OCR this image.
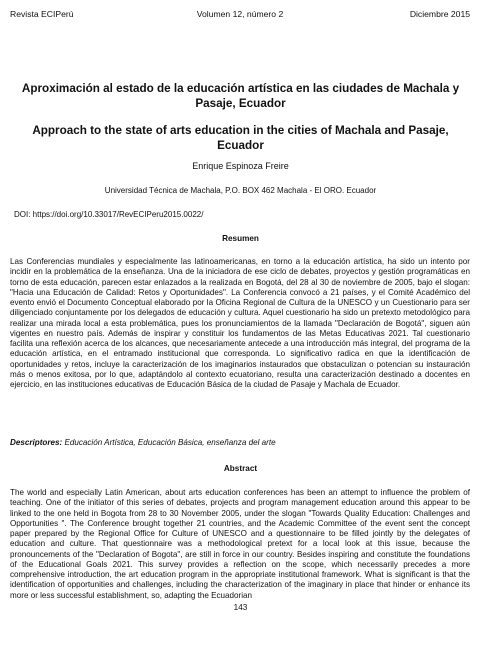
Revista ECIPerú	Volumen 12, número 2	Diciembre 2015
Aproximación al estado de la educación artística en las ciudades de Machala y Pasaje, Ecuador
Approach to the state of arts education in the cities of Machala and Pasaje, Ecuador
Enrique Espinoza Freire
Universidad Técnica de Machala, P.O. BOX 462 Machala - El ORO. Ecuador
DOI: https://doi.org/10.33017/RevECIPeru2015.0022/
Resumen
Las Conferencias mundiales y especialmente las latinoamericanas, en torno a la educación artística, ha sido un intento por incidir en la problemática de la enseñanza. Una de la iniciadora de ese ciclo de debates, proyectos y gestión programáticas en torno de esta educación, parecen estar enlazados a la realizada en Bogotá, del 28 al 30 de noviembre de 2005, bajo el slogan: "Hacia una Educación de Calidad: Retos y Oportunidades". La Conferencia convocó a 21 países, y el Comité Académico del evento envió el Documento Conceptual elaborado por la Oficina Regional de Cultura de la UNESCO y un Cuestionario para ser diligenciado conjuntamente por los delegados de educación y cultura. Aquel cuestionario ha sido un pretexto metodológico para realizar una mirada local a esta problemática, pues los pronunciamientos de la llamada "Declaración de Bogotá", siguen aún vigentes en nuestro país. Además de inspirar y constituir los fundamentos de las Metas Educativas 2021. Tal cuestionario facilita una reflexión acerca de los alcances, que necesariamente antecede a una introducción más integral, del programa de la educación artística, en el entramado institucional que corresponda. Lo significativo radica en que la identificación de oportunidades y retos, incluye la caracterización de los imaginarios instaurados que obstaculizan o potencian su instauración más o menos exitosa, por lo que, adaptándolo al contexto ecuatoriano, resulta una caracterización destinado a docentes en ejercicio, en las instituciones educativas de Educación Básica de la ciudad de Pasaje y Machala de Ecuador.
Descriptores: Educación Artística, Educación Básica, enseñanza del arte
Abstract
The world and especially Latin American, about arts education conferences has been an attempt to influence the problem of teaching. One of the initiator of this series of debates, projects and program management education around this appear to be linked to the one held in Bogota from 28 to 30 November 2005, under the slogan "Towards Quality Education: Challenges and Opportunities ". The Conference brought together 21 countries, and the Academic Committee of the event sent the concept paper prepared by the Regional Office for Culture of UNESCO and a questionnaire to be filled jointly by the delegates of education and culture. That questionnaire was a methodological pretext for a local look at this issue, because the pronouncements of the "Declaration of Bogota", are still in force in our country. Besides inspiring and constitute the foundations of the Educational Goals 2021. This survey provides a reflection on the scope, which necessarily precedes a more comprehensive introduction, the art education program in the appropriate institutional framework. What is significant is that the identification of opportunities and challenges, including the characterization of the imaginary in place that hinder or enhance its more or less successful establishment, so, adapting the Ecuadorian
143
